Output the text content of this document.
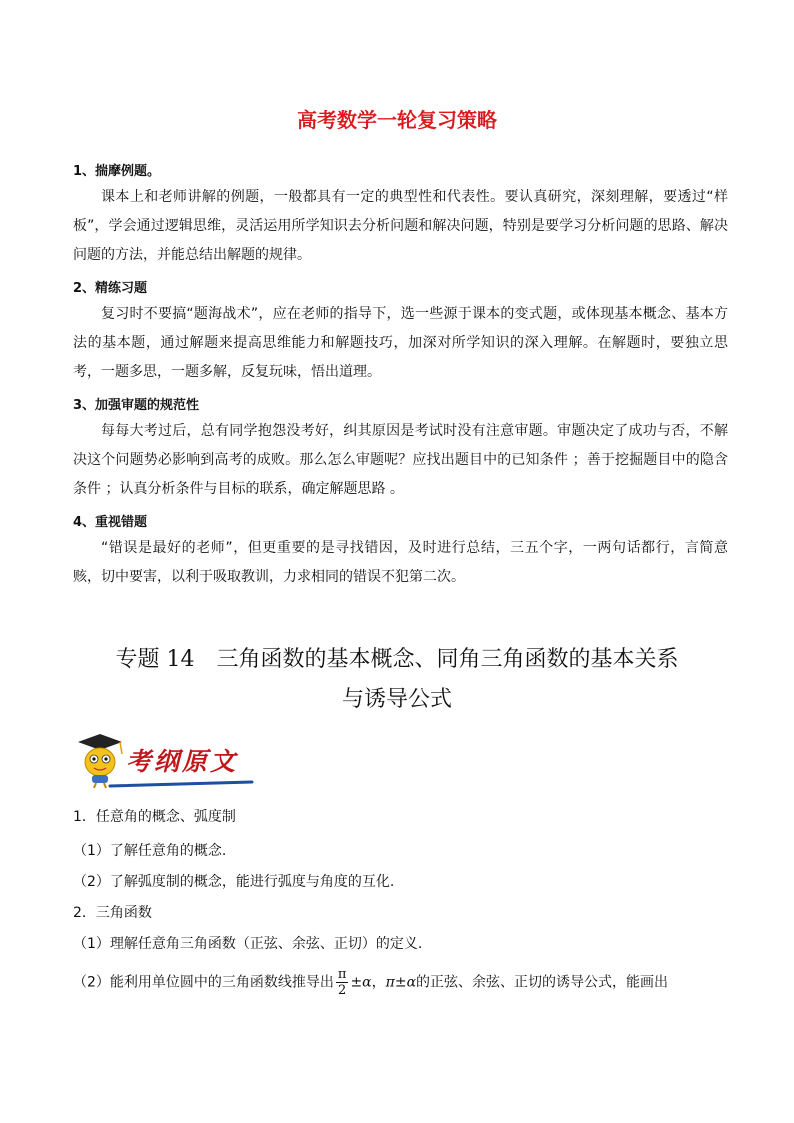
高考数学一轮复习策略
1、揣摩例题。

课本上和老师讲解的例题，一般都具有一定的典型性和代表性。要认真研究，深刻理解，要透过“样板”，学会通过逻辑思维，灵活运用所学知识去分析问题和解决问题，特别是要学习分析问题的思路、解决问题的方法，并能总结出解题的规律。

2、精练习题

复习时不要搞“题海战术”，应在老师的指导下，选一些源于课本的变式题，或体现基本概念、基本方法的基本题，通过解题来提高思维能力和解题技巧，加深对所学知识的深入理解。在解题时，要独立思考，一题多思，一题多解，反复玩味，悟出道理。

3、加强审题的规范性

每每大考过后，总有同学抱怨没考好，纠其原因是考试时没有注意审题。审题决定了成功与否，不解决这个问题势必影响到高考的成败。那么怎么审题呢？应找出题目中的已知条件 ；善于挖掘题目中的隐含条件 ；认真分析条件与目标的联系，确定解题思路 。

4、重视错题

“错误是最好的老师”，但更重要的是寻找错因，及时进行总结，三五个字，一两句话都行，言简意赅，切中要害，以利于吸取教训，力求相同的错误不犯第二次。

专题 14　三角函数的基本概念、同角三角函数的基本关系
与诱导公式
考纲原文

1．任意角的概念、弧度制

（1）了解任意角的概念.

（2）了解弧度制的概念，能进行弧度与角度的互化.

2．三角函数

（1）理解任意角三角函数（正弦、余弦、正切）的定义.

（2）能利用单位圆中的三角函数线推导出 $\frac{\pi}{2} \pm\alpha$，π±α的正弦、余弦、正切的诱导公式，能画出
